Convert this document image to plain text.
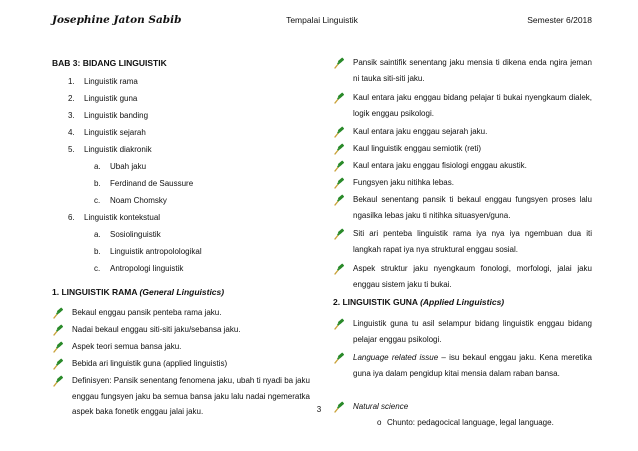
Josephine Jaton Sabib	Tempalai Linguistik	Semester 6/2018
BAB 3: BIDANG LINGUISTIK
1. Linguistik rama
2. Linguistik guna
3. Linguistik banding
4. Linguistik sejarah
5. Linguistik diakronik
a. Ubah jaku
b. Ferdinand de Saussure
c. Noam Chomsky
6. Linguistik kontekstual
a. Sosiolinguistik
b. Linguistik antropolologikal
c. Antropologi linguistik
1. LINGUISTIK RAMA (General Linguistics)
Bekaul enggau pansik penteba rama jaku.
Nadai bekaul enggau siti-siti jaku/sebansa jaku.
Aspek teori semua bansa jaku.
Bebida ari linguistik guna (applied linguistis)
Definisyen: Pansik senentang fenomena jaku, ubah ti nyadi ba jaku enggau fungsyen jaku ba semua bansa jaku lalu nadai ngemeratka aspek baka fonetik enggau jalai jaku.
Pansik saintifik senentang jaku mensia ti dikena enda ngira jeman ni tauka siti-siti jaku.
Kaul entara jaku enggau bidang pelajar ti bukai nyengkaum dialek, logik enggau psikologi.
Kaul entara jaku enggau sejarah jaku.
Kaul linguistik enggau semiotik (reti)
Kaul entara jaku enggau fisiologi enggau akustik.
Fungsyen jaku nitihka lebas.
Bekaul senentang pansik ti bekaul enggau fungsyen proses lalu ngasilka lebas jaku ti nitihka situasyen/guna.
Siti ari penteba linguistik rama iya nya iya ngembuan dua iti langkah rapat iya nya struktural enggau sosial.
Aspek struktur jaku nyengkaum fonologi, morfologi, jalai jaku enggau sistem jaku ti bukai.
2. LINGUISTIK GUNA (Applied Linguistics)
Linguistik guna tu asil selampur bidang linguistik enggau bidang pelajar enggau psikologi.
Language related issue – isu bekaul enggau jaku. Kena meretika guna iya dalam pengidup kitai mensia dalam raban bansa.
Natural science
o Chunto: pedagocical language, legal language.
3
